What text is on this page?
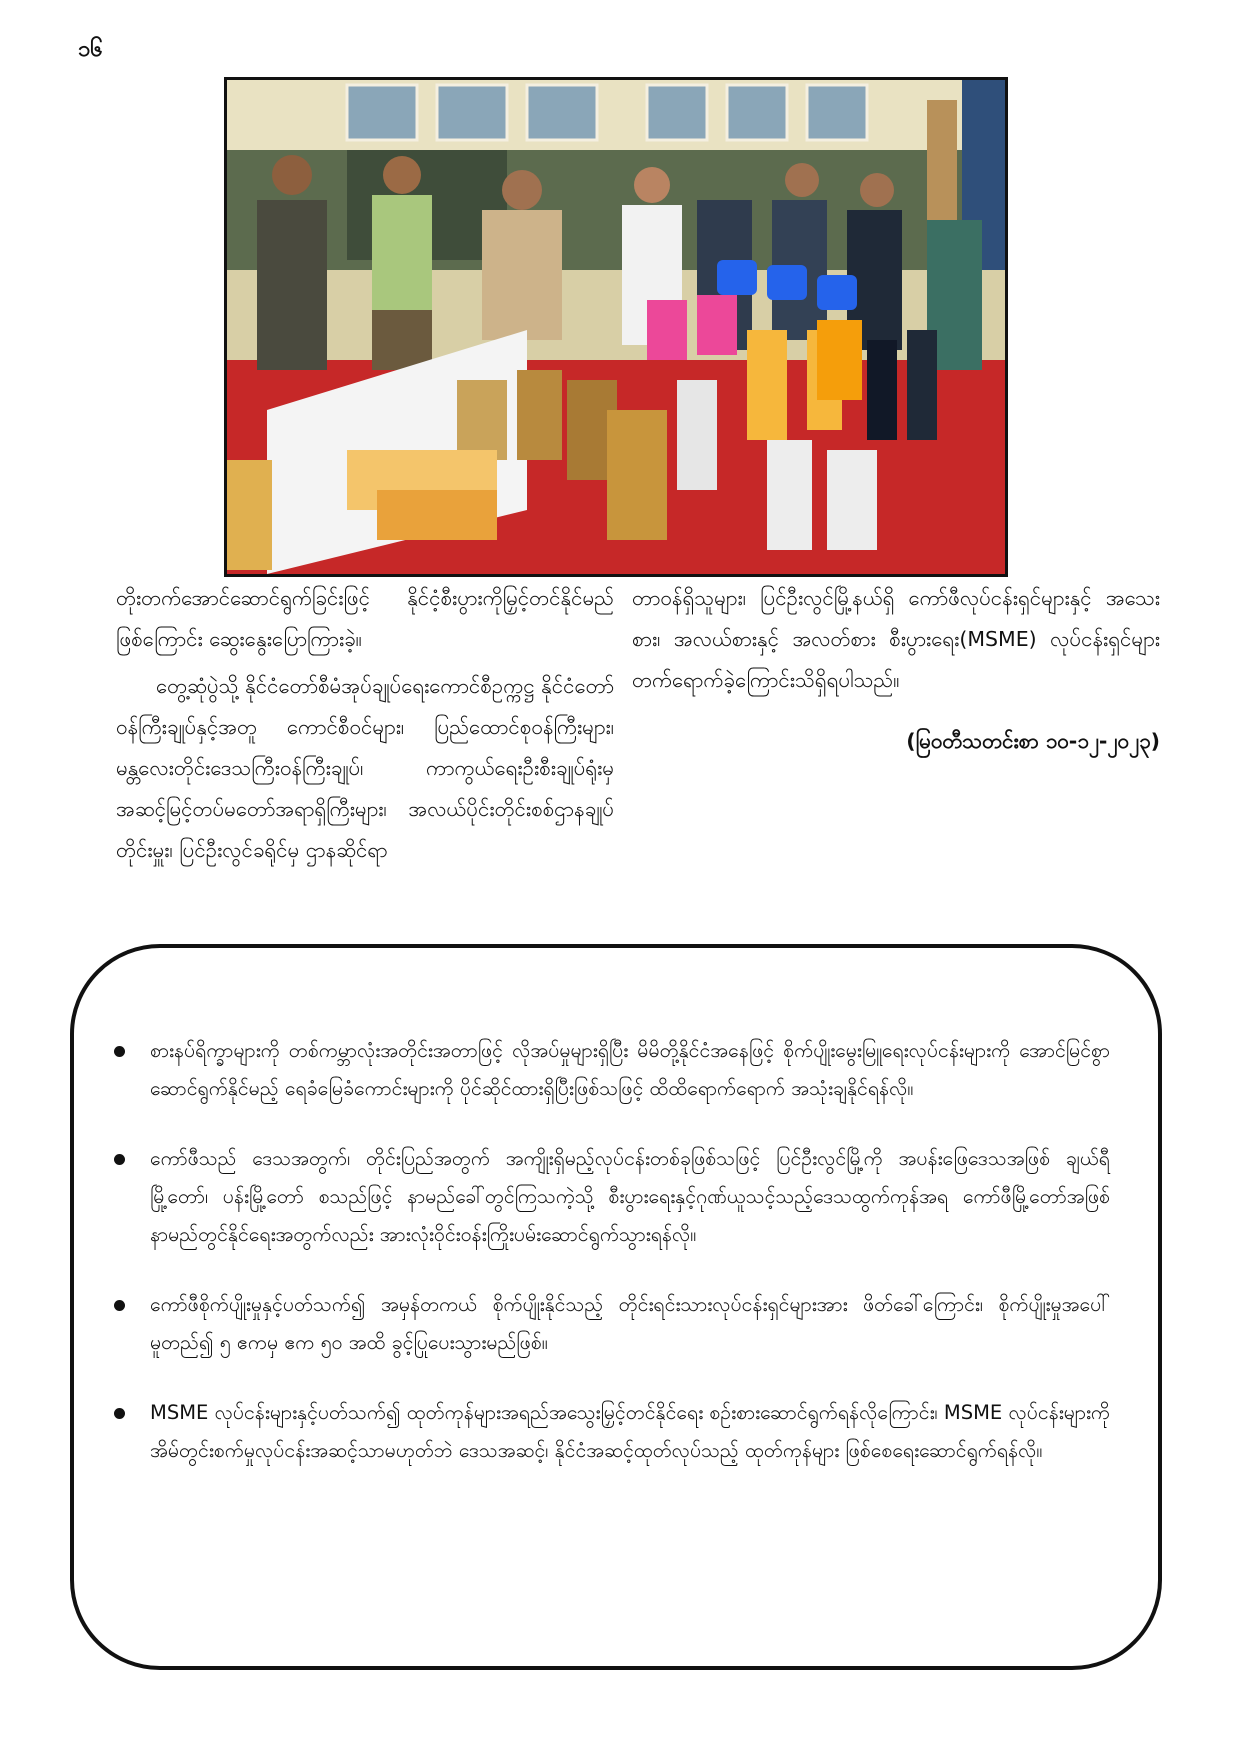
၁၆

တိုးတက်အောင်ဆောင်ရွက်ခြင်းဖြင့် နိုင်ငံ့စီးပွားကိုမြှင့်တင်နိုင်မည်ဖြစ်ကြောင်း ဆွေးနွေးပြောကြားခဲ့။

တွေ့ဆုံပွဲသို့ နိုင်ငံတော်စီမံအုပ်ချုပ်ရေးကောင်စီဥက္ကဋ္ဌ နိုင်ငံတော်ဝန်ကြီးချုပ်နှင့်အတူ ကောင်စီဝင်များ၊ ပြည်ထောင်စုဝန်ကြီးများ၊ မန္တလေးတိုင်းဒေသကြီးဝန်ကြီးချုပ်၊ ကာကွယ်ရေးဦးစီးချုပ်ရုံးမှ အဆင့်မြင့်တပ်မတော်အရာရှိကြီးများ၊ အလယ်ပိုင်းတိုင်းစစ်ဌာနချုပ် တိုင်းမှူး၊ ပြင်ဦးလွင်ခရိုင်မှ ဌာနဆိုင်ရာ

တာဝန်ရှိသူများ၊ ပြင်ဦးလွင်မြို့နယ်ရှိ ကော်ဖီလုပ်ငန်းရှင်များနှင့် အသေးစား၊ အလယ်စားနှင့် အလတ်စား စီးပွားရေး(MSME) လုပ်ငန်းရှင်များ တက်ရောက်ခဲ့ကြောင်းသိရှိရပါသည်။

(မြဝတီသတင်းစာ ၁၀-၁၂-၂၀၂၃)

စားနပ်ရိက္ခာများကို တစ်ကမ္ဘာလုံးအတိုင်းအတာဖြင့် လိုအပ်မှုများရှိပြီး မိမိတို့နိုင်ငံအနေဖြင့် စိုက်ပျိုးမွေးမြူရေးလုပ်ငန်းများကို အောင်မြင်စွာဆောင်ရွက်နိုင်မည့် ရေခံမြေခံကောင်းများကို ပိုင်ဆိုင်ထားရှိပြီးဖြစ်သဖြင့် ထိထိရောက်ရောက် အသုံးချနိုင်ရန်လို။
ကော်ဖီသည် ဒေသအတွက်၊ တိုင်းပြည်အတွက် အကျိုးရှိမည့်လုပ်ငန်းတစ်ခုဖြစ်သဖြင့် ပြင်ဦးလွင်မြို့ကို အပန်းဖြေဒေသအဖြစ် ချယ်ရီမြို့တော်၊ ပန်းမြို့တော် စသည်ဖြင့် နာမည်ခေါ်တွင်ကြသကဲ့သို့ စီးပွားရေးနှင့်ဂုဏ်ယူသင့်သည့်ဒေသထွက်ကုန်အရ ကော်ဖီမြို့တော်အဖြစ် နာမည်တွင်နိုင်ရေးအတွက်လည်း အားလုံးဝိုင်းဝန်းကြိုးပမ်းဆောင်ရွက်သွားရန်လို။
ကော်ဖီစိုက်ပျိုးမှုနှင့်ပတ်သက်၍ အမှန်တကယ် စိုက်ပျိုးနိုင်သည့် တိုင်းရင်းသားလုပ်ငန်းရှင်များအား ဖိတ်ခေါ်ကြောင်း၊ စိုက်ပျိုးမှုအပေါ်မူတည်၍ ၅ ဧကမှ ဧက ၅၀ အထိ ခွင့်ပြုပေးသွားမည်ဖြစ်။
MSME လုပ်ငန်းများနှင့်ပတ်သက်၍ ထုတ်ကုန်များအရည်အသွေးမြှင့်တင်နိုင်ရေး စဉ်းစားဆောင်ရွက်ရန်လိုကြောင်း၊ MSME လုပ်ငန်းများကို အိမ်တွင်းစက်မှုလုပ်ငန်းအဆင့်သာမဟုတ်ဘဲ ဒေသအဆင့်၊ နိုင်ငံအဆင့်ထုတ်လုပ်သည့် ထုတ်ကုန်များ ဖြစ်စေရေးဆောင်ရွက်ရန်လို။
